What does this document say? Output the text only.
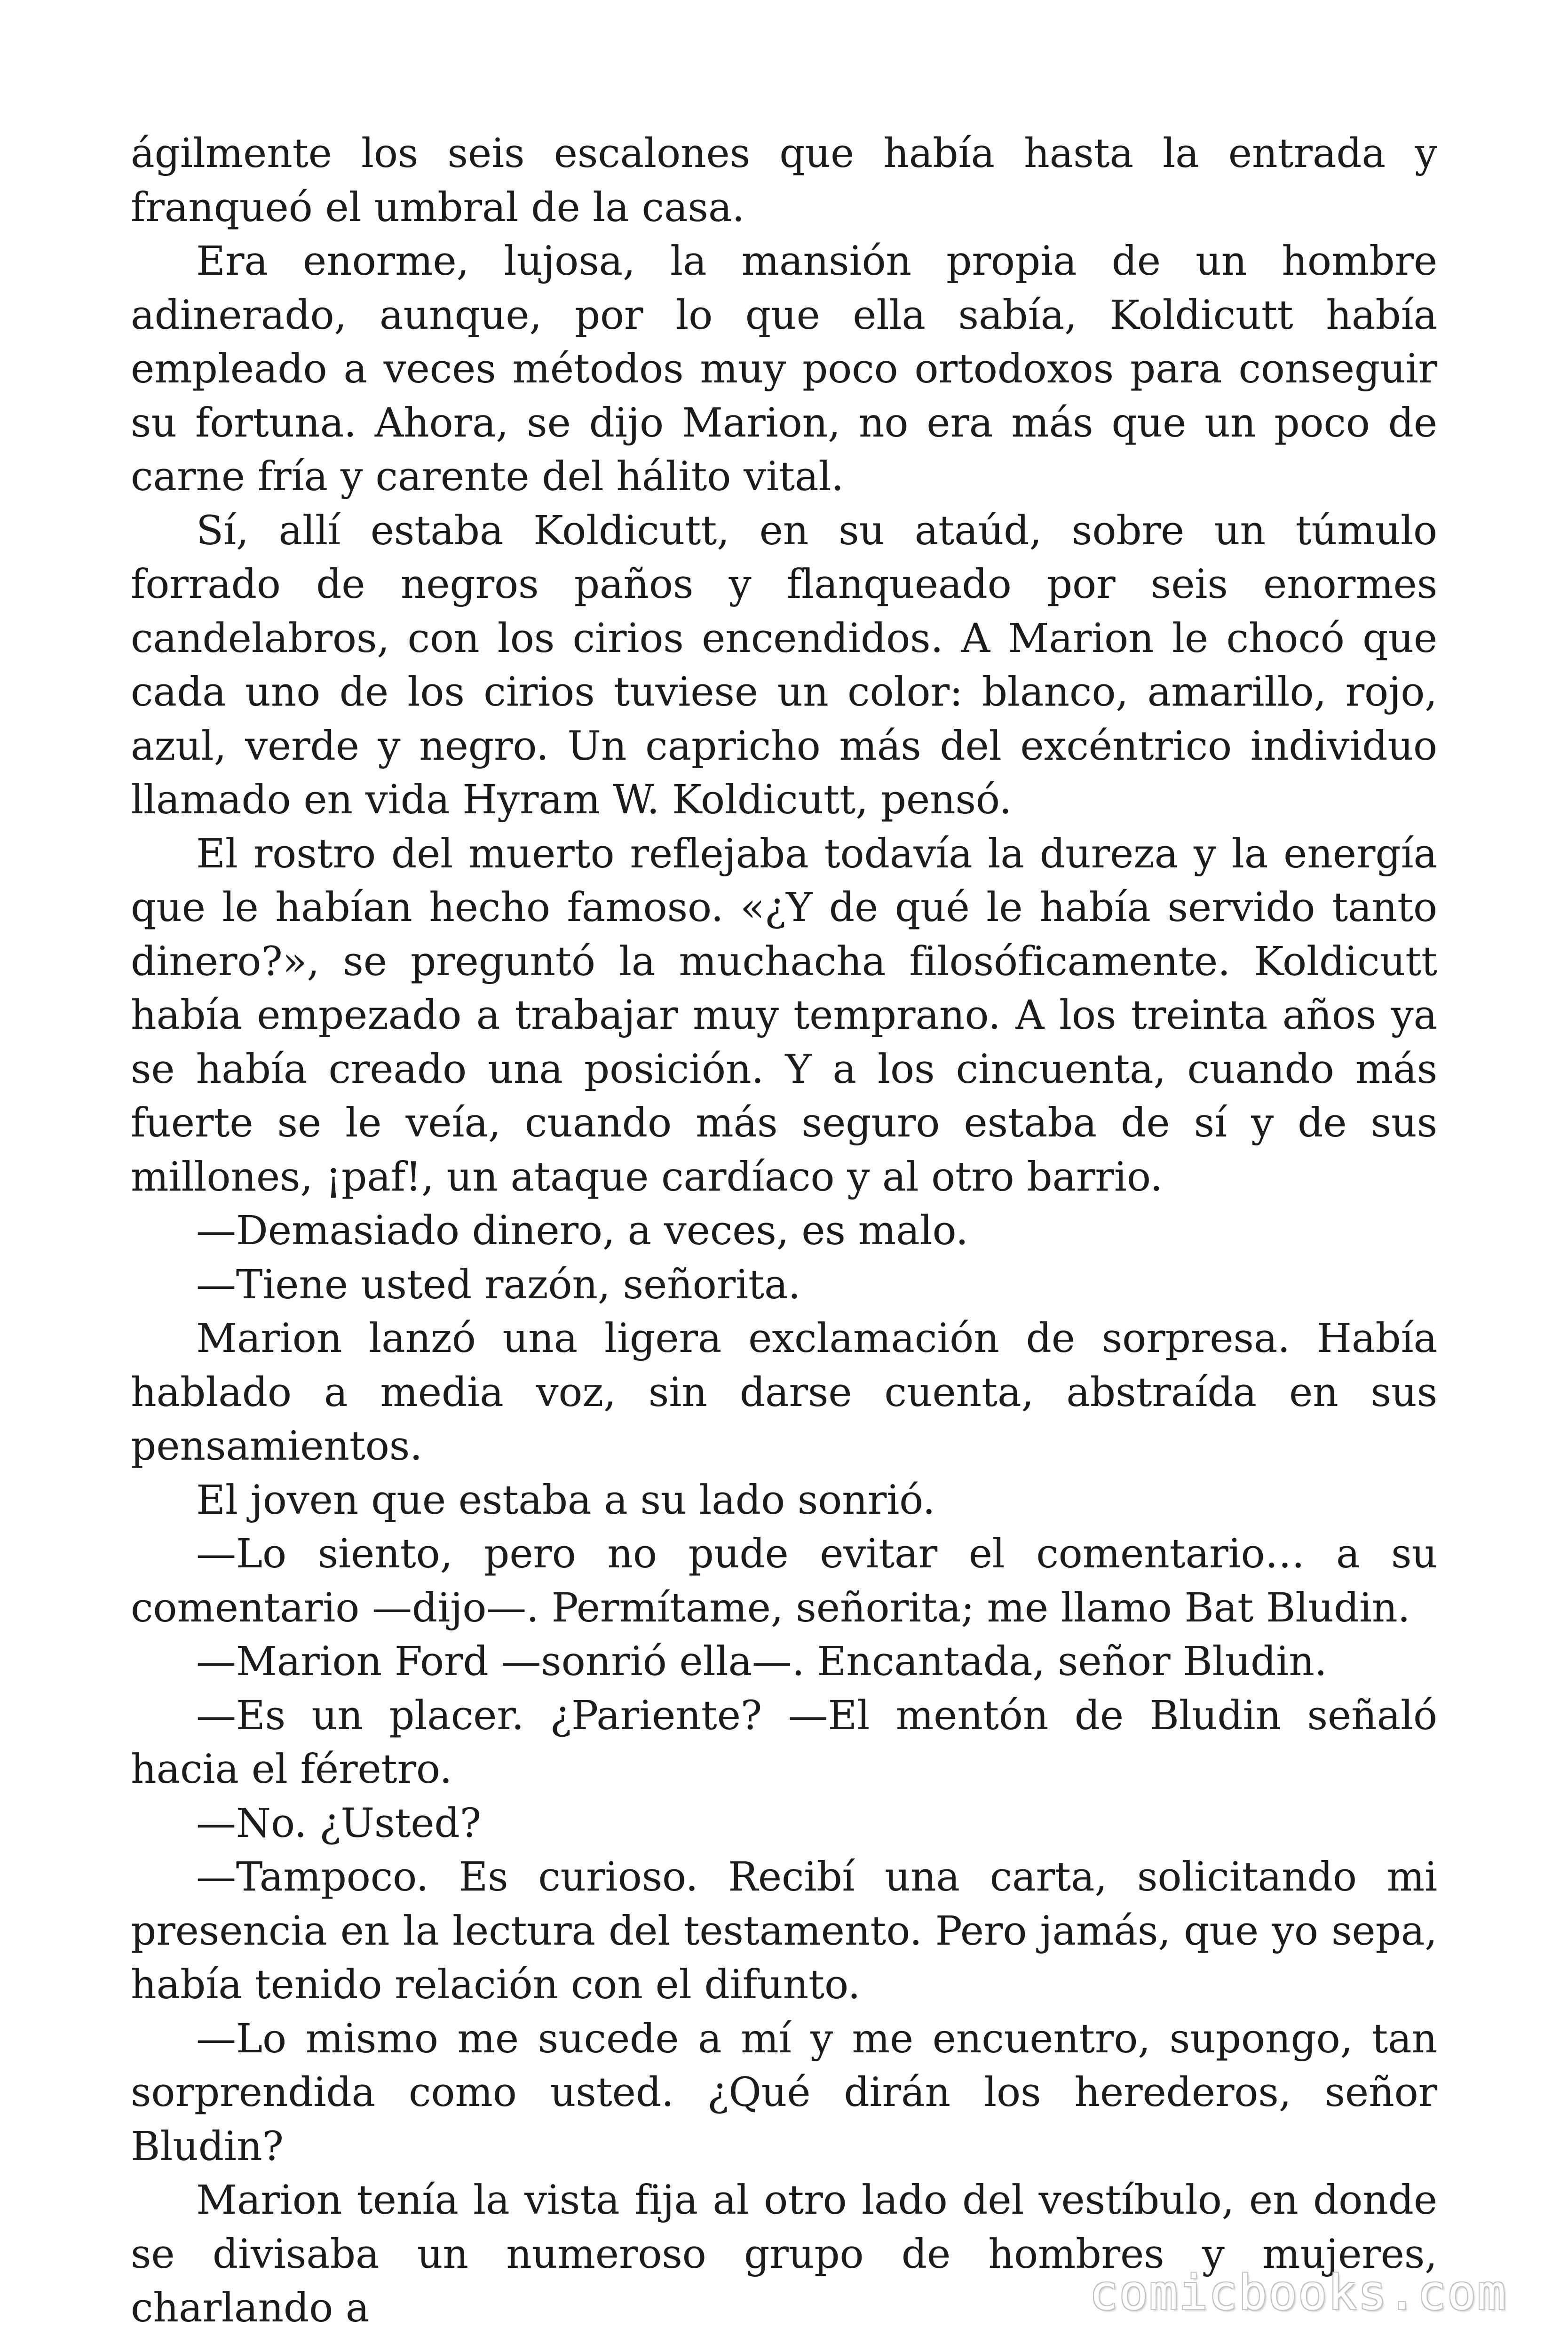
ágilmente los seis escalones que había hasta la entrada y franqueó el umbral de la casa.

Era enorme, lujosa, la mansión propia de un hombre adinerado, aunque, por lo que ella sabía, Koldicutt había empleado a veces métodos muy poco ortodoxos para conseguir su fortuna. Ahora, se dijo Marion, no era más que un poco de carne fría y carente del hálito vital.

Sí, allí estaba Koldicutt, en su ataúd, sobre un túmulo forrado de negros paños y flanqueado por seis enormes candelabros, con los cirios encendidos. A Marion le chocó que cada uno de los cirios tuviese un color: blanco, amarillo, rojo, azul, verde y negro. Un capricho más del excéntrico individuo llamado en vida Hyram W. Koldicutt, pensó.

El rostro del muerto reflejaba todavía la dureza y la energía que le habían hecho famoso. «¿Y de qué le había servido tanto dinero?», se preguntó la muchacha filosóficamente. Koldicutt había empezado a trabajar muy temprano. A los treinta años ya se había creado una posición. Y a los cincuenta, cuando más fuerte se le veía, cuando más seguro estaba de sí y de sus millones, ¡paf!, un ataque cardíaco y al otro barrio.

—Demasiado dinero, a veces, es malo.

—Tiene usted razón, señorita.

Marion lanzó una ligera exclamación de sorpresa. Había hablado a media voz, sin darse cuenta, abstraída en sus pensamientos.

El joven que estaba a su lado sonrió.

—Lo siento, pero no pude evitar el comentario… a su comentario —dijo—. Permítame, señorita; me llamo Bat Bludin.

—Marion Ford —sonrió ella—. Encantada, señor Bludin.

—Es un placer. ¿Pariente? —El mentón de Bludin señaló hacia el féretro.

—No. ¿Usted?

—Tampoco. Es curioso. Recibí una carta, solicitando mi presencia en la lectura del testamento. Pero jamás, que yo sepa, había tenido relación con el difunto.

—Lo mismo me sucede a mí y me encuentro, supongo, tan sorprendida como usted. ¿Qué dirán los herederos, señor Bludin?

Marion tenía la vista fija al otro lado del vestíbulo, en donde se divisaba un numeroso grupo de hombres y mujeres, charlando a	comicbooks.com
